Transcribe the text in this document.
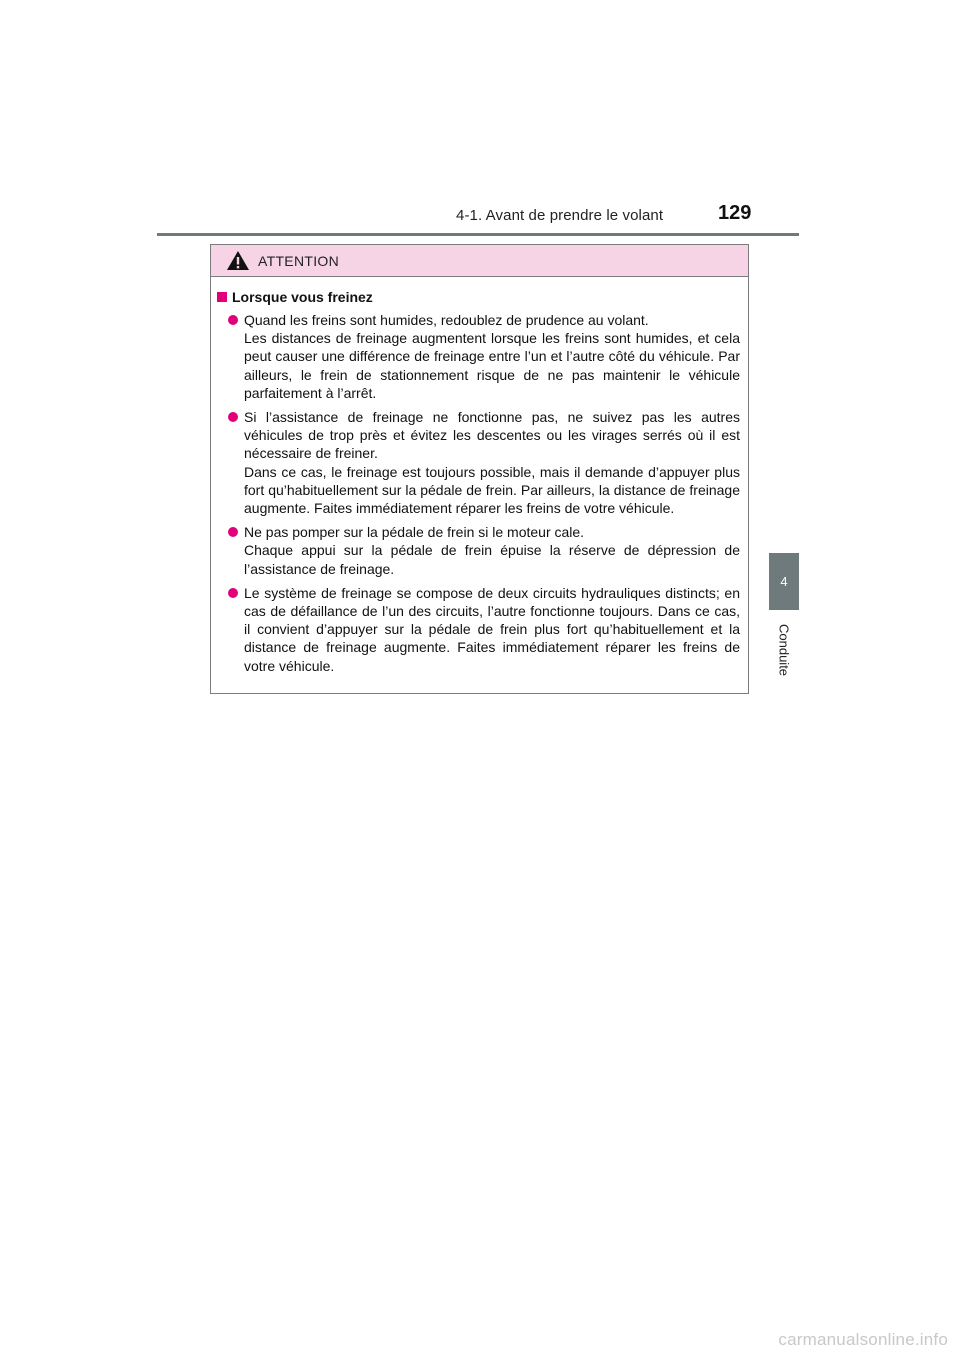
4-1. Avant de prendre le volant	129
4
Conduite
ATTENTION
Lorsque vous freinez

Quand les freins sont humides, redoublez de prudence au volant.

Les distances de freinage augmentent lorsque les freins sont humides, et cela peut causer une différence de freinage entre l’un et l’autre côté du véhicule. Par ailleurs, le frein de stationnement risque de ne pas maintenir le véhicule parfaitement à l’arrêt.

Si l’assistance de freinage ne fonctionne pas, ne suivez pas les autres véhicules de trop près et évitez les descentes ou les virages serrés où il est nécessaire de freiner.

Dans ce cas, le freinage est toujours possible, mais il demande d’appuyer plus fort qu’habituellement sur la pédale de frein. Par ailleurs, la distance de freinage augmente. Faites immédiatement réparer les freins de votre véhicule.

Ne pas pomper sur la pédale de frein si le moteur cale.

Chaque appui sur la pédale de frein épuise la réserve de dépression de l’assistance de freinage.

Le système de freinage se compose de deux circuits hydrauliques distincts; en cas de défaillance de l’un des circuits, l’autre fonctionne toujours. Dans ce cas, il convient d’appuyer sur la pédale de frein plus fort qu’habituellement et la distance de freinage augmente. Faites immédiatement réparer les freins de votre véhicule.

carmanualsonline.info
